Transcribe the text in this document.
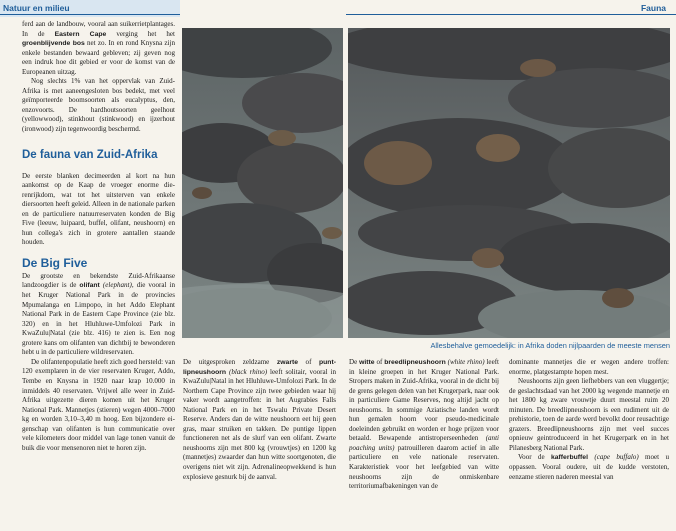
Natuur en milieu	Fauna

ferd aan de landbouw, vooral aan suikerrietplantages. In de Eastern Cape verging het het groenblijvende bos net zo. In en rond Knysna zijn enkele bestanden bewaard gebleven; zij geven nog een indruk hoe dit gebied er voor de komst van de Europeanen uitzag.

Nog slechts 1% van het oppervlak van Zuid-Afrika is met aaneengesloten bos bedekt, met veel geïmporteerde boomsoorten als eucalyptus, den, enzovoorts. De hardhoutsoorten geelhout (yellowwood), stinkhout (stinkwood) en ijzerhout (ironwood) zijn tegenwoordig beschermd.

De fauna van Zuid-Afrika

De eerste blanken decimeerden al kort na hun aankomst op de Kaap de vroeger enorme dierenrijkdom, wat tot het uitsterven van enkele diersoorten heeft geleid. Alleen in de nationale parken en de particuliere natuurreservaten konden de Big Five (leeuw, luipaard, buffel, olifant, neushoorn) en hun collega's zich in grotere aantallen staande houden.

De Big Five

De grootste en bekendste Zuid-Afrikaanse landzoogdier is de olifant (elephant), die vooral in het Kruger National Park in de provincies Mpumalanga en Limpopo, in het Addo Elephant National Park in de Eastern Cape Province (zie blz. 320) en in het Hluhluwe-Umfolozi Park in KwaZulu|Natal (zie blz. 416) te zien is. Een nog grotere kans om olifanten van dichtbij te bewonderen hebt u in de particuliere wildreservaten.

De olifantenpopulatie heeft zich goed hersteld: van 120 exemplaren in de vier reservaten Kruger, Addo, Tembe en Knysna in 1920 naar krap 10.000 in inmiddels 40 reservaten. Vrijwel alle weer in Zuid-Afrika uitgezette dieren komen uit het Kruger National Park. Mannetjes (stieren) wegen 4000–7000 kg en worden 3,10–3,40 m hoog. Een bijzondere eigenschap van olifanten is hun communicatie over vele kilometers door middel van lage tonen vanuit de buik die voor mensenoren niet te horen zijn.

Allesbehalve gemoedelijk: in Afrika doden nijlpaarden de meeste mensen

De uitgesproken zeldzame zwarte of puntlipneushoorn (black rhino) leeft solitair, vooral in KwaZulu|Natal in het Hluhluwe-Umfolozi Park. In de Northern Cape Province zijn twee gebieden waar hij vaker wordt aangetroffen: in het Augrabies Falls National Park en in het Tswalu Private Desert Reserve. Anders dan de witte neushoorn eet hij geen gras, maar struiken en takken. De puntige lippen functioneren net als de slurf van een olifant. Zwarte neushoorns zijn met 800 kg (vrouwtjes) en 1200 kg (mannetjes) zwaarder dan hun witte soortgenoten, die overigens niet wit zijn. Adrenalineopwekkend is hun explosieve gesnurk bij de aanval.

De witte of breedlipneushoorn (white rhino) leeft in kleine groepen in het Kruger National Park. Stropers maken in Zuid-Afrika, vooral in de dicht bij de grens gelegen delen van het Krugerpark, naar ook in particuliere Game Reserves, nog altijd jacht op neushoorns. In sommige Aziatische landen wordt hun gemalen hoorn voor pseudo-medicinale doeleinden gebruikt en worden er hoge prijzen voor betaald. Bewapende antistroperseenheden (anti poaching units) patrouilleren daarom actief in alle particuliere en vele nationale reservaten. Karakteristiek voor het leefgebied van witte neushoorns zijn de onmiskenbare territoriumafbakeningen van de

dominante mannetjes die er wegen andere troffen: enorme, platgestampte hopen mest.

Neushoorns zijn geen liefhebbers van een vluggertje; de geslachtsdaad van het 2000 kg wegende mannetje en het 1800 kg zware vrouwtje duurt meestal ruim 20 minuten. De breedlipneushoorn is een rudiment uit de prehistorie, toen de aarde werd bevolkt door reusachtige grazers. Breedlipneushoorns zijn met veel succes opnieuw geintroduceerd in het Krugerpark en in het Pilanesberg National Park.

Voor de kafferbuffel (cape buffalo) moet u oppassen. Vooral oudere, uit de kudde verstoten, eenzame stieren naderen meestal van
